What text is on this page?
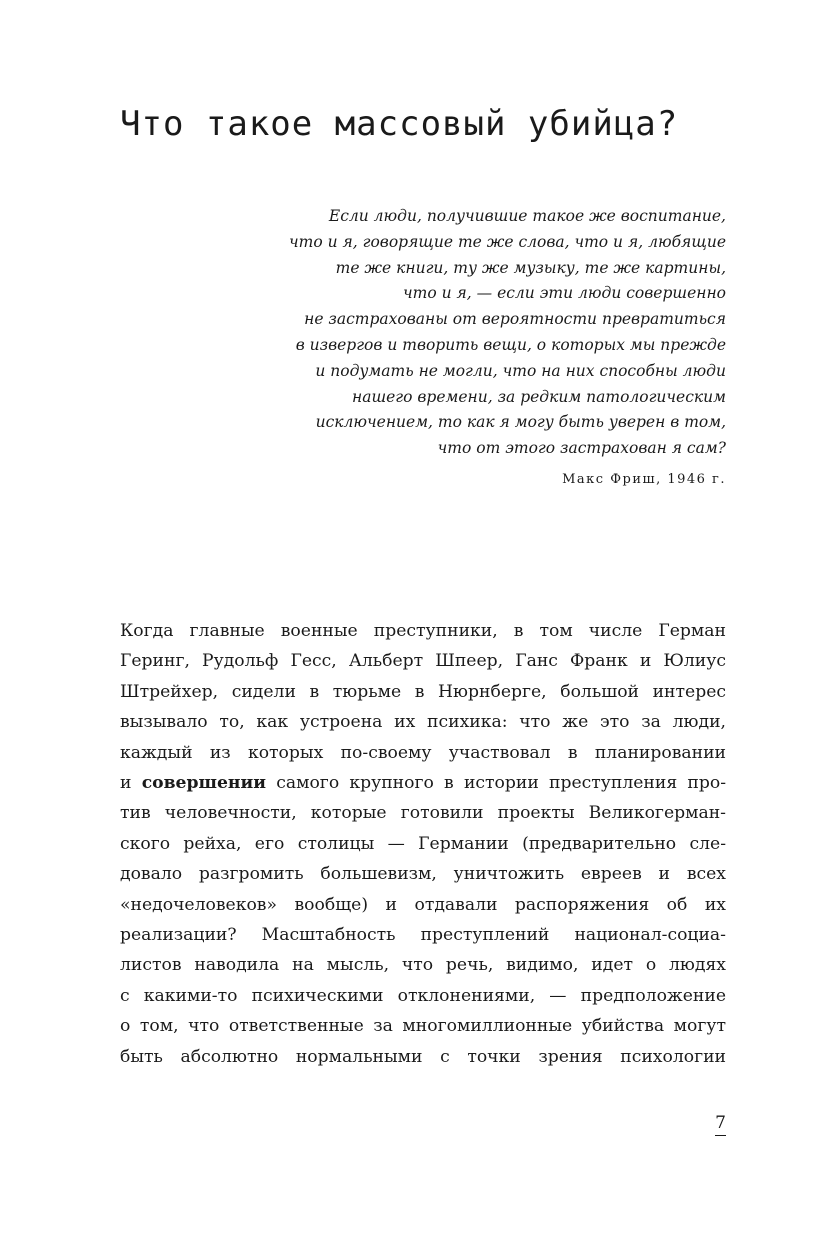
Что такое массовый убийца?
Если люди, получившие такое же воспитание,
что и я, говорящие те же слова, что и я, любящие
те же книги, ту же музыку, те же картины,
что и я, — если эти люди совершенно
не застрахованы от вероятности превратиться
в извергов и творить вещи, о которых мы прежде
и подумать не могли, что на них способны люди
нашего времени, за редким патологическим
исключением, то как я могу быть уверен в том,
что от этого застрахован я сам?
Макс Фриш, 1946 г.
Когда главные военные преступники, в том числе Герман
Геринг, Рудольф Гесс, Альберт Шпеер, Ганс Франк и Юлиус
Штрейхер, сидели в тюрьме в Нюрнберге, большой интерес
вызывало то, как устроена их психика: что же это за люди,
каждый из которых по-своему участвовал в планировании
и совершении самого крупного в истории преступления про-
тив человечности, которые готовили проекты Великогерман-
ского рейха, его столицы — Германии (предварительно сле-
довало разгромить большевизм, уничтожить евреев и всех
«недочеловеков» вообще) и отдавали распоряжения об их
реализации? Масштабность преступлений национал-социа-
листов наводила на мысль, что речь, видимо, идет о людях
с какими-то психическими отклонениями, — предположение
о том, что ответственные за многомиллионные убийства могут
быть абсолютно нормальными с точки зрения психологии
7
